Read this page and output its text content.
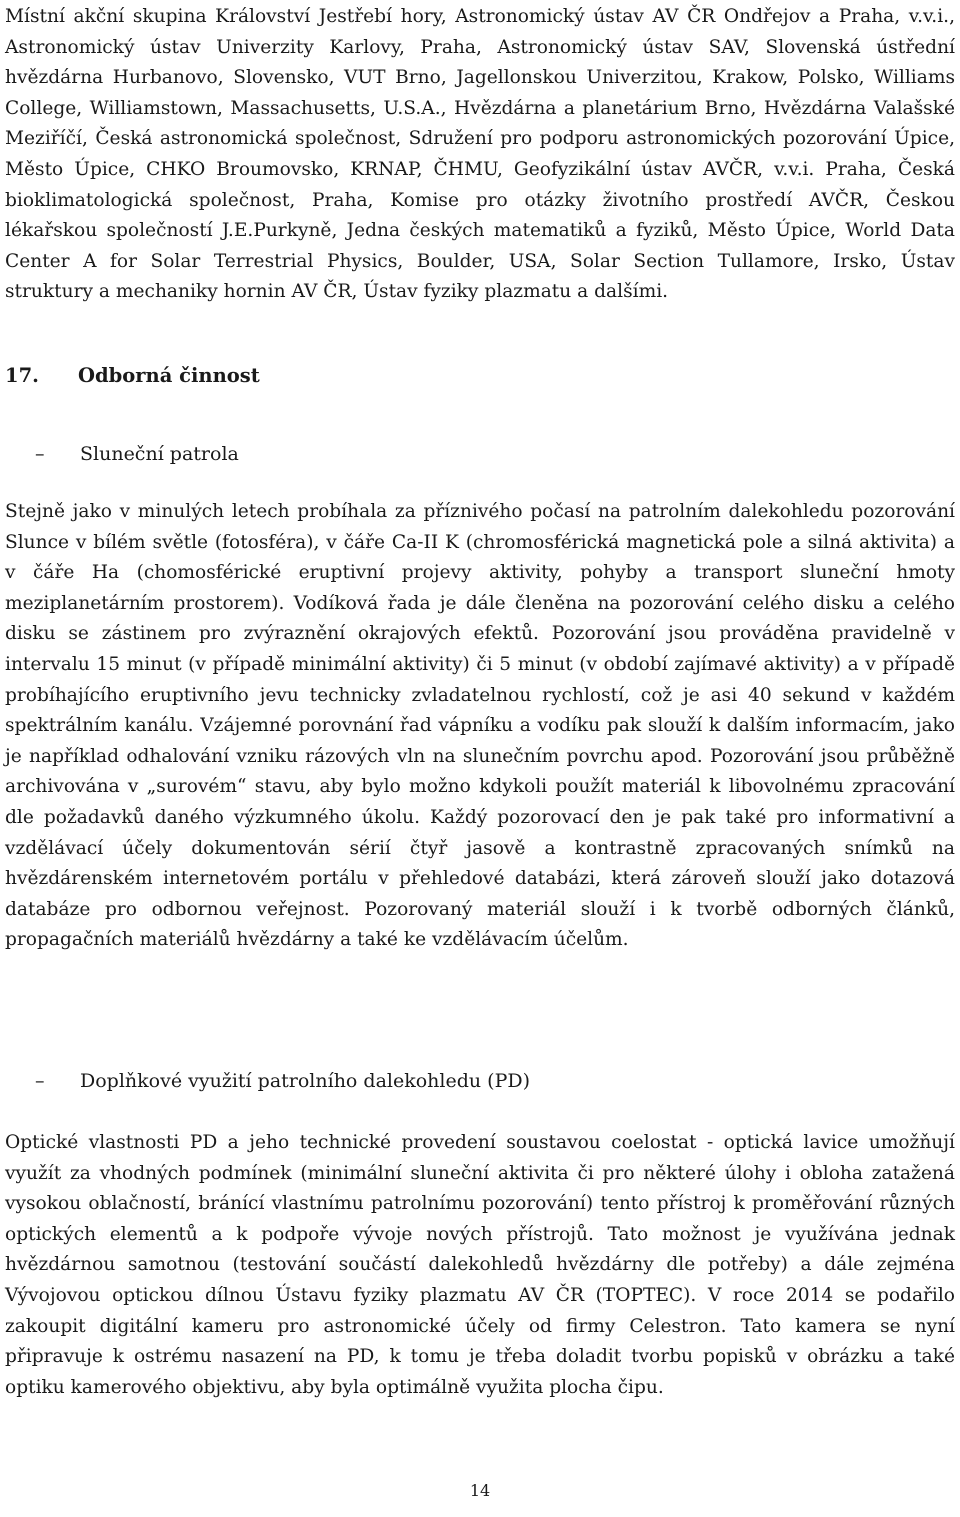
Místní akční skupina Království Jestřebí hory, Astronomický ústav AV ČR Ondřejov a Praha, v.v.i., Astronomický ústav Univerzity Karlovy, Praha, Astronomický ústav SAV, Slovenská ústřední hvězdárna Hurbanovo, Slovensko, VUT Brno, Jagellonskou Univerzitou, Krakow, Polsko, Williams College, Williamstown, Massachusetts, U.S.A., Hvězdárna a planetárium Brno, Hvězdárna Valašské Meziříčí, Česká astronomická společnost, Sdružení pro podporu astronomických pozorování Úpice, Město Úpice, CHKO Broumovsko, KRNAP, ČHMU, Geofyzikální ústav AVČR, v.v.i. Praha, Česká bioklimatologická společnost, Praha, Komise pro otázky životního prostředí AVČR, Českou lékařskou společností J.E.Purkyně, Jedna českých matematiků a fyziků, Město Úpice, World Data Center A for Solar Terrestrial Physics, Boulder, USA, Solar Section Tullamore, Irsko, Ústav struktury a mechaniky hornin AV ČR, Ústav fyziky plazmatu a dalšími.

17. Odborná činnost
– Sluneční patrola

Stejně jako v minulých letech probíhala za příznivého počasí na patrolním dalekohledu pozorování Slunce v bílém světle (fotosféra), v čáře Ca-II K (chromosférická magnetická pole a silná aktivita) a v čáře Ha (chomosférické eruptivní projevy aktivity, pohyby a transport sluneční hmoty meziplanetárním prostorem). Vodíková řada je dále členěna na pozorování celého disku a celého disku se zástinem pro zvýraznění okrajových efektů. Pozorování jsou prováděna pravidelně v intervalu 15 minut (v případě minimální aktivity) či 5 minut (v období zajímavé aktivity) a v případě probíhajícího eruptivního jevu technicky zvladatelnou rychlostí, což je asi 40 sekund v každém spektrálním kanálu. Vzájemné porovnání řad vápníku a vodíku pak slouží k dalším informacím, jako je například odhalování vzniku rázových vln na slunečním povrchu apod. Pozorování jsou průběžně archivována v „surovém“ stavu, aby bylo možno kdykoli použít materiál k libovolnému zpracování dle požadavků daného výzkumného úkolu. Každý pozorovací den je pak také pro informativní a vzdělávací účely dokumentován sérií čtyř jasově a kontrastně zpracovaných snímků na hvězdárenském internetovém portálu v přehledové databázi, která zároveň slouží jako dotazová databáze pro odbornou veřejnost. Pozorovaný materiál slouží i k tvorbě odborných článků, propagačních materiálů hvězdárny a také ke vzdělávacím účelům.

– Doplňkové využití patrolního dalekohledu (PD)

Optické vlastnosti PD a jeho technické provedení soustavou coelostat - optická lavice umožňují využít za vhodných podmínek (minimální sluneční aktivita či pro některé úlohy i obloha zatažená vysokou oblačností, bránící vlastnímu patrolnímu pozorování) tento přístroj k proměřování různých optických elementů a k podpoře vývoje nových přístrojů. Tato možnost je využívána jednak hvězdárnou samotnou (testování součástí dalekohledů hvězdárny dle potřeby) a dále zejména Vývojovou optickou dílnou Ústavu fyziky plazmatu AV ČR (TOPTEC). V roce 2014 se podařilo zakoupit digitální kameru pro astronomické účely od firmy Celestron. Tato kamera se nyní připravuje k ostrému nasazení na PD, k tomu je třeba doladit tvorbu popisků v obrázku a také optiku kamerového objektivu, aby byla optimálně využita plocha čipu.

14
